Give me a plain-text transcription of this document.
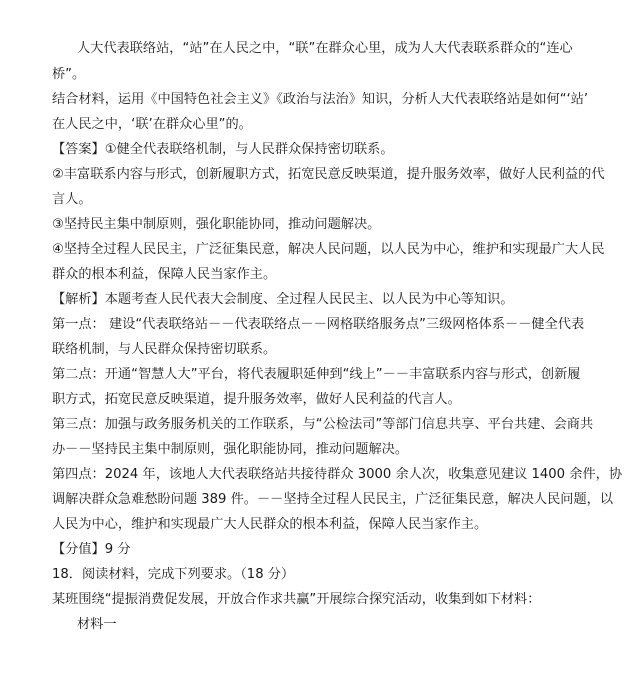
人大代表联络站，“站”在人民之中，“联”在群众心里，成为人大代表联系群众的“连心
桥”。
结合材料，运用《中国特色社会主义》《政治与法治》知识，分析人大代表联络站是如何“‘站’
在人民之中，‘联’在群众心里”的。
【答案】①健全代表联络机制，与人民群众保持密切联系。
②丰富联系内容与形式，创新履职方式，拓宽民意反映渠道，提升服务效率，做好人民利益的代
言人。
③坚持民主集中制原则，强化职能协同，推动问题解决。
④坚持全过程人民民主，广泛征集民意，解决人民问题，以人民为中心，维护和实现最广大人民
群众的根本利益，保障人民当家作主。
【解析】本题考查人民代表大会制度、全过程人民民主、以人民为中心等知识。
第一点： 建设“代表联络站－－代表联络点－－网格联络服务点”三级网格体系－－健全代表
联络机制，与人民群众保持密切联系。
第二点：开通“智慧人大”平台，将代表履职延伸到“线上”－－丰富联系内容与形式，创新履
职方式，拓宽民意反映渠道，提升服务效率，做好人民利益的代言人。
第三点：加强与政务服务机关的工作联系，与“公检法司”等部门信息共享、平台共建、会商共
办－－坚持民主集中制原则，强化职能协同，推动问题解决。
第四点：2024 年，该地人大代表联络站共接待群众 3000 余人次，收集意见建议 1400 余件，协
调解决群众急难愁盼问题 389 件。－－坚持全过程人民民主，广泛征集民意，解决人民问题，以
人民为中心，维护和实现最广大人民群众的根本利益，保障人民当家作主。
【分值】9 分
18．阅读材料，完成下列要求。（18 分）
某班围绕“提振消费促发展，开放合作求共赢”开展综合探究活动，收集到如下材料：
材料一
